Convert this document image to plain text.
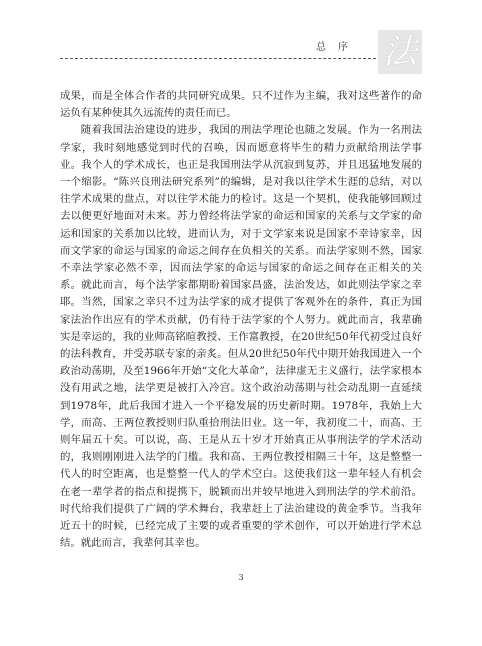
总序 法

成果，而是全体合作者的共同研究成果。只不过作为主编，我对这些著作的命运负有某种使其久远流传的责任而已。

随着我国法治建设的进步，我国的刑法学理论也随之发展。作为一名刑法学家，我时刻地感觉到时代的召唤，因而愿意将毕生的精力贡献给刑法学事业。我个人的学术成长，也正是我国刑法学从沉寂到复苏，并且迅猛地发展的一个缩影。“陈兴良刑法研究系列”的编辑，是对我以往学术生涯的总结，对以往学术成果的盘点，对以往学术能力的检讨。这是一个契机，使我能够回顾过去以便更好地面对未来。苏力曾经将法学家的命运和国家的关系与文学家的命运和国家的关系加以比较，进而认为，对于文学家来说是国家不幸诗家幸，因而文学家的命运与国家的命运之间存在负相关的关系。而法学家则不然，国家不幸法学家必然不幸，因而法学家的命运与国家的命运之间存在正相关的关系。就此而言，每个法学家都期盼着国家昌盛，法治发达，如此则法学家之幸耶。当然，国家之幸只不过为法学家的成才提供了客观外在的条件，真正为国家法治作出应有的学术贡献，仍有待于法学家的个人努力。就此而言，我辈确实是幸运的，我的业师高铭暄教授、王作富教授，在20世纪50年代初受过良好的法科教育，并受苏联专家的亲炙。但从20世纪50年代中期开始我国进入一个政治动荡期，及至1966年开始“文化大革命”，法律虚无主义盛行，法学家根本没有用武之地，法学更是被打入冷宫。这个政治动荡期与社会动乱期一直延续到1978年，此后我国才进入一个平稳发展的历史新时期。1978年，我始上大学，而高、王两位教授则归队重拾刑法旧业。这一年，我初度二十，而高、王则年届五十矣。可以说，高、王是从五十岁才开始真正从事刑法学的学术活动的，我则刚刚进入法学的门槛。我和高、王两位教授相隔三十年，这是整整一代人的时空距离，也是整整一代人的学术空白。这使我们这一辈年轻人有机会在老一辈学者的指点和提携下，脱颖而出并较早地进入到刑法学的学术前沿。时代给我们提供了广阔的学术舞台，我辈赶上了法治建设的黄金季节。当我年近五十的时候，已经完成了主要的或者重要的学术创作，可以开始进行学术总结。就此而言，我辈何其幸也。

3
